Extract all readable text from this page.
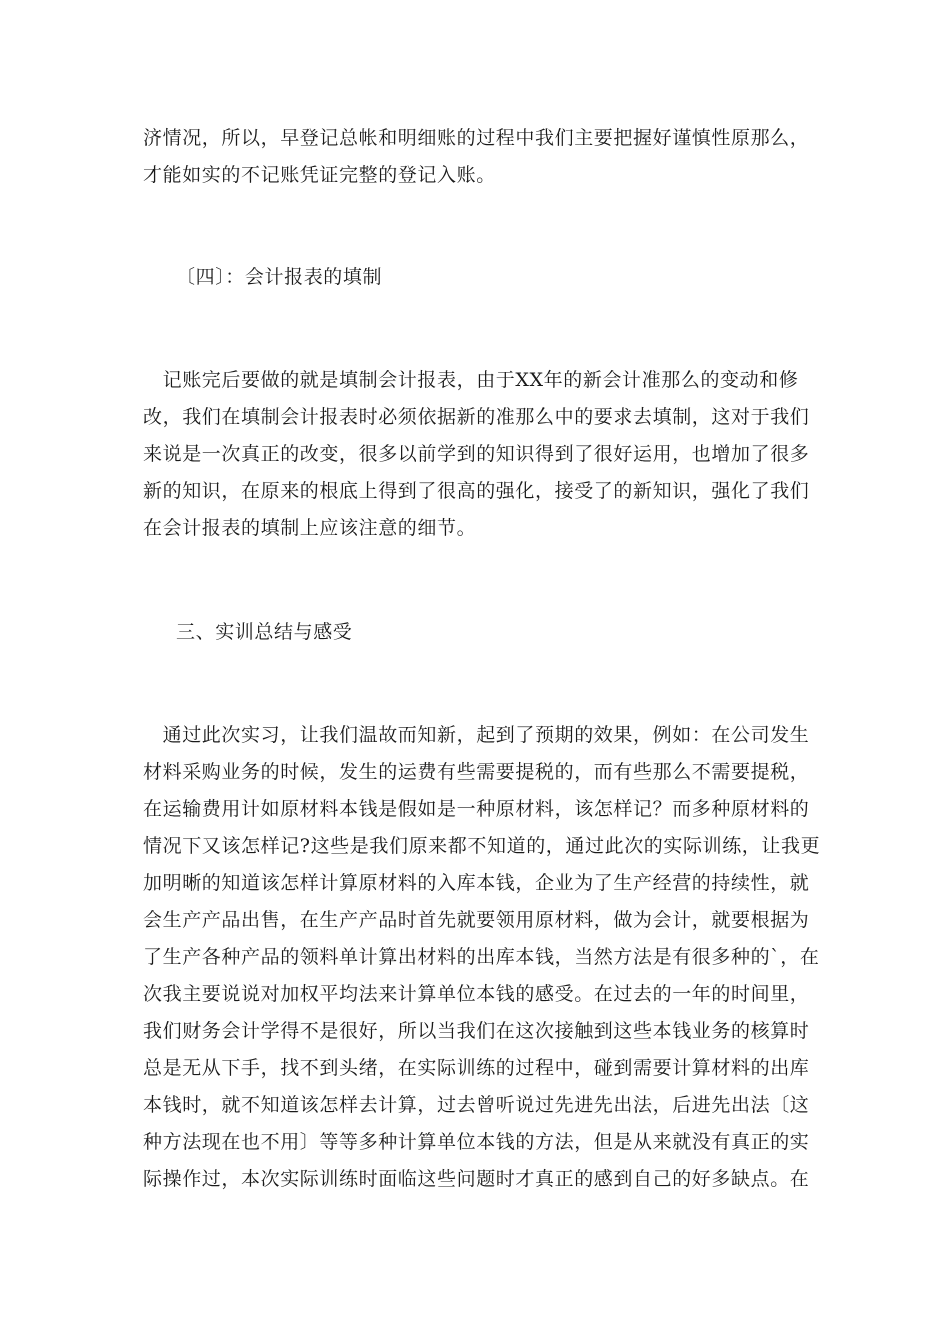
济情况，所以，早登记总帐和明细账的过程中我们主要把握好谨慎性原那么，
才能如实的不记账凭证完整的登记入账。
〔四〕：会计报表的填制
　记账完后要做的就是填制会计报表，由于XX年的新会计准那么的变动和修
改，我们在填制会计报表时必须依据新的准那么中的要求去填制，这对于我们
来说是一次真正的改变，很多以前学到的知识得到了很好运用，也增加了很多
新的知识，在原来的根底上得到了很高的强化，接受了的新知识，强化了我们
在会计报表的填制上应该注意的细节。
三、实训总结与感受
　通过此次实习，让我们温故而知新，起到了预期的效果，例如：在公司发生
材料采购业务的时候，发生的运费有些需要提税的，而有些那么不需要提税，
在运输费用计如原材料本钱是假如是一种原材料，该怎样记？而多种原材料的
情况下又该怎样记?这些是我们原来都不知道的，通过此次的实际训练，让我更
加明晰的知道该怎样计算原材料的入库本钱，企业为了生产经营的持续性，就
会生产产品出售，在生产产品时首先就要领用原材料，做为会计，就要根据为
了生产各种产品的领料单计算出材料的出库本钱，当然方法是有很多种的`，在
次我主要说说对加权平均法来计算单位本钱的感受。在过去的一年的时间里，
我们财务会计学得不是很好，所以当我们在这次接触到这些本钱业务的核算时
总是无从下手，找不到头绪，在实际训练的过程中，碰到需要计算材料的出库
本钱时，就不知道该怎样去计算，过去曾听说过先进先出法，后进先出法〔这
种方法现在也不用〕等等多种计算单位本钱的方法，但是从来就没有真正的实
际操作过，本次实际训练时面临这些问题时才真正的感到自己的好多缺点。在
